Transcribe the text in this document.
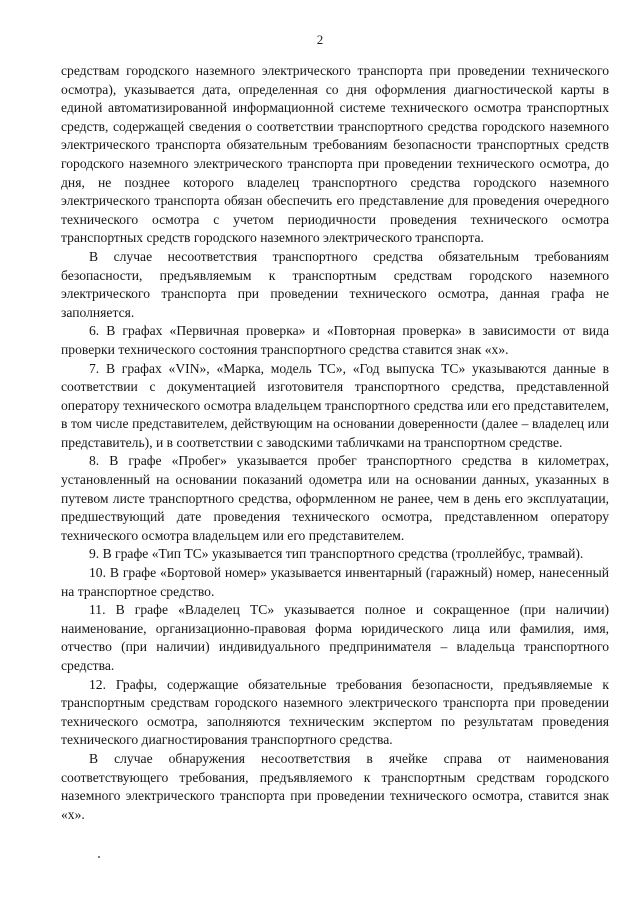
2

средствам городского наземного электрического транспорта при проведении технического осмотра), указывается дата, определенная со дня оформления диагностической карты в единой автоматизированной информационной системе технического осмотра транспортных средств, содержащей сведения о соответствии транспортного средства городского наземного электрического транспорта обязательным требованиям безопасности транспортных средств городского наземного электрического транспорта при проведении технического осмотра, до дня, не позднее которого владелец транспортного средства городского наземного электрического транспорта обязан обеспечить его представление для проведения очередного технического осмотра с учетом периодичности проведения технического осмотра транспортных средств городского наземного электрического транспорта.

В случае несоответствия транспортного средства обязательным требованиям безопасности, предъявляемым к транспортным средствам городского наземного электрического транспорта при проведении технического осмотра, данная графа не заполняется.

6. В графах «Первичная проверка» и «Повторная проверка» в зависимости от вида проверки технического состояния транспортного средства ставится знак «х».

7. В графах «VIN», «Марка, модель ТС», «Год выпуска ТС» указываются данные в соответствии с документацией изготовителя транспортного средства, представленной оператору технического осмотра владельцем транспортного средства или его представителем, в том числе представителем, действующим на основании доверенности (далее – владелец или представитель), и в соответствии с заводскими табличками на транспортном средстве.

8. В графе «Пробег» указывается пробег транспортного средства в километрах, установленный на основании показаний одометра или на основании данных, указанных в путевом листе транспортного средства, оформленном не ранее, чем в день его эксплуатации, предшествующий дате проведения технического осмотра, представленном оператору технического осмотра владельцем или его представителем.

9. В графе «Тип ТС» указывается тип транспортного средства (троллейбус, трамвай).

10. В графе «Бортовой номер» указывается инвентарный (гаражный) номер, нанесенный на транспортное средство.

11. В графе «Владелец ТС» указывается полное и сокращенное (при наличии) наименование, организационно-правовая форма юридического лица или фамилия, имя, отчество (при наличии) индивидуального предпринимателя – владельца транспортного средства.

12. Графы, содержащие обязательные требования безопасности, предъявляемые к транспортным средствам городского наземного электрического транспорта при проведении технического осмотра, заполняются техническим экспертом по результатам проведения технического диагностирования транспортного средства.

В случае обнаружения несоответствия в ячейке справа от наименования соответствующего требования, предъявляемого к транспортным средствам городского наземного электрического транспорта при проведении технического осмотра, ставится знак «х».
